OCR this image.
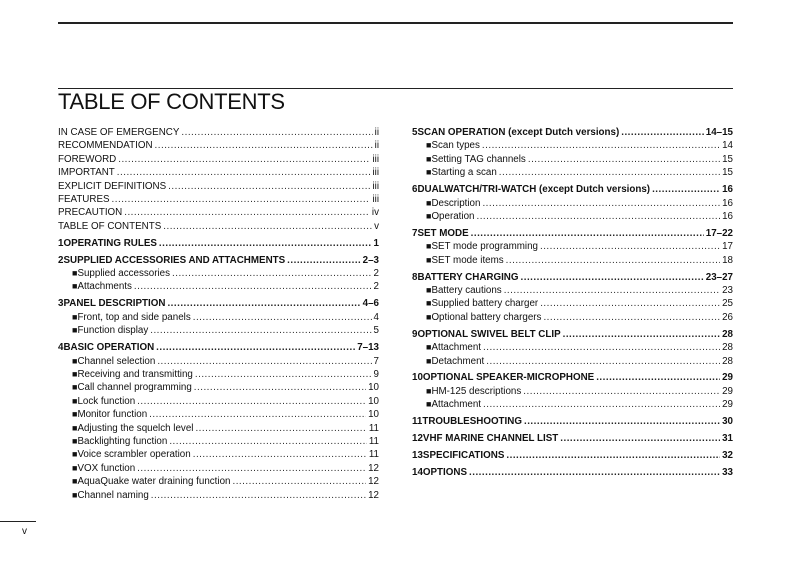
TABLE OF CONTENTS
IN CASE OF EMERGENCY .....	ii
RECOMMENDATION .....	ii
FOREWORD .....	iii
IMPORTANT .....	iii
EXPLICIT DEFINITIONS .....	iii
FEATURES .....	iii
PRECAUTION .....	iv
TABLE OF CONTENTS .....	v
1 OPERATING RULES .....	1
2 SUPPLIED ACCESSORIES AND ATTACHMENTS .....	2–3
■ Supplied accessories .....	2
■ Attachments .....	2
3 PANEL DESCRIPTION .....	4–6
■ Front, top and side panels .....	4
■ Function display .....	5
4 BASIC OPERATION .....	7–13
■ Channel selection .....	7
■ Receiving and transmitting .....	9
■ Call channel programming .....	10
■ Lock function .....	10
■ Monitor function .....	10
■ Adjusting the squelch level .....	11
■ Backlighting function .....	11
■ Voice scrambler operation .....	11
■ VOX function .....	12
■ AquaQuake water draining function .....	12
■ Channel naming .....	12
5 SCAN OPERATION (except Dutch versions) .....	14–15
■ Scan types .....	14
■ Setting TAG channels .....	15
■ Starting a scan .....	15
6 DUALWATCH/TRI-WATCH (except Dutch versions) .....	16
■ Description .....	16
■ Operation .....	16
7 SET MODE .....	17–22
■ SET mode programming .....	17
■ SET mode items .....	18
8 BATTERY CHARGING .....	23–27
■ Battery cautions .....	23
■ Supplied battery charger .....	25
■ Optional battery chargers .....	26
9 OPTIONAL SWIVEL BELT CLIP .....	28
■ Attachment .....	28
■ Detachment .....	28
10 OPTIONAL SPEAKER-MICROPHONE .....	29
■ HM-125 descriptions .....	29
■ Attachment .....	29
11 TROUBLESHOOTING .....	30
12 VHF MARINE CHANNEL LIST .....	31
13 SPECIFICATIONS .....	32
14 OPTIONS .....	33
v
